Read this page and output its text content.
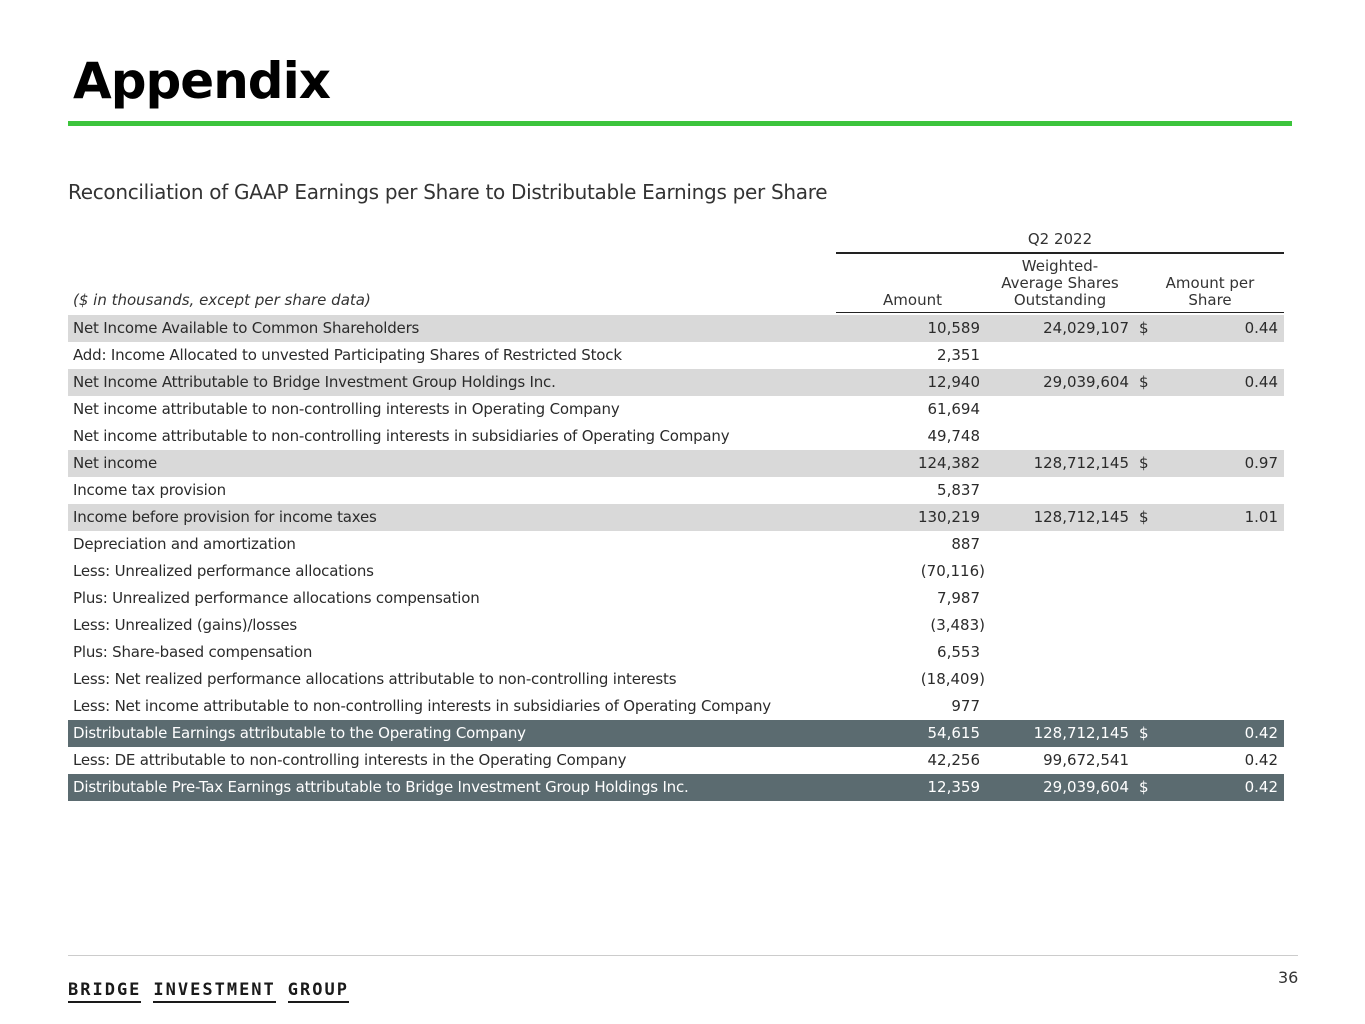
Appendix
Reconciliation of GAAP Earnings per Share to Distributable Earnings per Share
Q2 2022
($ in thousands, except per share data)	Amount
Weighted-
Average Shares
Outstanding
Amount per
Share
Net Income Available to Common Shareholders	10,589	24,029,107 $	0.44
Add: Income Allocated to unvested Participating Shares of Restricted Stock	2,351
Net Income Attributable to Bridge Investment Group Holdings Inc.	12,940	29,039,604 $	0.44
Net income attributable to non-controlling interests in Operating Company	61,694
Net income attributable to non-controlling interests in subsidiaries of Operating Company	49,748
Net income	124,382	128,712,145 $	0.97
Income tax provision	5,837
Income before provision for income taxes	130,219	128,712,145 $	1.01
Depreciation and amortization	887
Less: Unrealized performance allocations	(70,116)
Plus: Unrealized performance allocations compensation	7,987
Less: Unrealized (gains)/losses	(3,483)
Plus: Share-based compensation	6,553
Less: Net realized performance allocations attributable to non-controlling interests	(18,409)
Less: Net income attributable to non-controlling interests in subsidiaries of Operating Company	977
Distributable Earnings attributable to the Operating Company	54,615	128,712,145 $	0.42
Less: DE attributable to non-controlling interests in the Operating Company	42,256	99,672,541	0.42
Distributable Pre-Tax Earnings attributable to Bridge Investment Group Holdings Inc.	12,359	29,039,604 $	0.42
BRIDGE INVESTMENT GROUP
36
